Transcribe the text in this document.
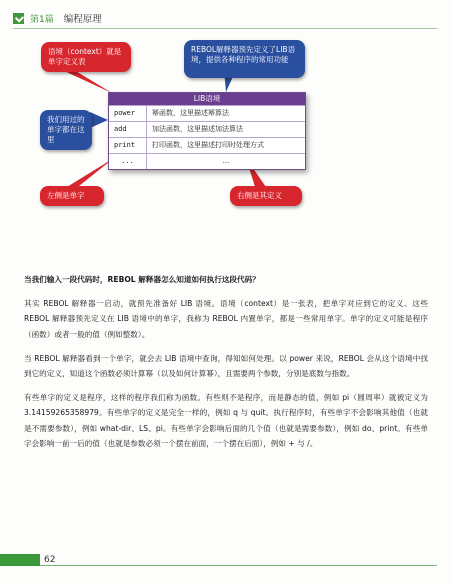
第1篇 编程原理
语境（context）就是单字定义表
REBOL解释器预先定义了LIB语境，提供各种程序的常用功能
我们用过的单字都在这里
左侧是单字	右侧是其定义
LIB语境
power	幂函数，这里描述幂算法
add	加法函数，这里描述加法算法
print	打印函数，这里描述打印时处理方式
...	...

当我们输入一段代码时，REBOL 解释器怎么知道如何执行这段代码？

其实 REBOL 解释器一启动，就预先准备好 LIB 语境。语境（context）是一张表，把单字对应到它的定义。这些 REBOL 解释器预先定义在 LIB 语境中的单字，我称为 REBOL 内置单字，都是一些常用单字。单字的定义可能是程序（函数）或者一般的值（例如整数）。

当 REBOL 解释器看到一个单字，就会去 LIB 语境中查询，得知如何处理。以 power 来说，REBOL 会从这个语境中找到它的定义，知道这个函数必须计算幂（以及如何计算幂），且需要两个参数，分别是底数与指数。

有些单字的定义是程序，这样的程序我们称为函数。有些则不是程序，而是静态的值，例如 pi（圆周率）就被定义为 3.14159265358979。有些单字的定义是完全一样的，例如 q 与 quit。执行程序时，有些单字不会影响其他值（也就是不需要参数），例如 what-dir、LS、pi。有些单字会影响后面的几个值（也就是需要参数），例如 do、print。有些单字会影响一前一后的值（也就是参数必须一个摆在前面，一个摆在后面），例如 + 与 /。

62
